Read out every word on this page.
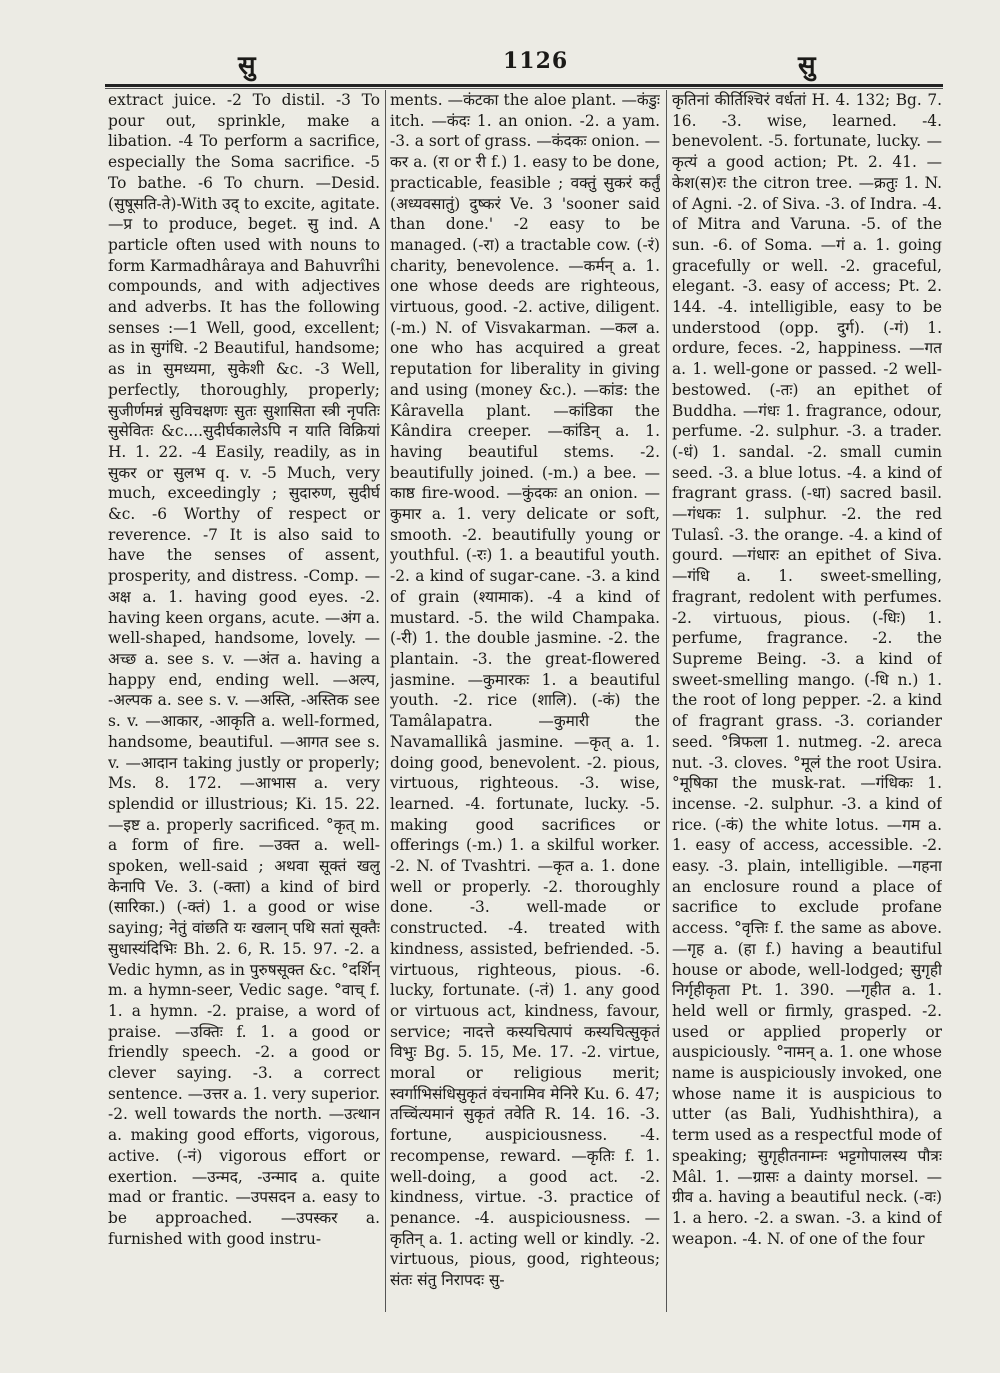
सु	1126	सु

extract juice. -2 To distil. -3 To pour out, sprinkle, make a libation. -4 To perform a sacrifice, especially the Soma sacrifice. -5 To bathe. -6 To churn. —Desid. (सुषूसति-ते)-With उद् to excite, agitate. —प्र to produce, beget. सु ind. A particle often used with nouns to form Karmadhâraya and Bahuvrîhi compounds, and with adjectives and adverbs. It has the following senses :—1 Well, good, excellent; as in सुगंधि. -2 Beautiful, handsome; as in सुमध्यमा, सुकेशी &c. -3 Well, perfectly, thoroughly, properly; सुजीर्णमन्नं सुविचक्षणः सुतः सुशासिता स्त्री नृपतिः सुसेवितः &c....सुदीर्घकालेऽपि न याति विक्रियां H. 1. 22. -4 Easily, readily, as in सुकर or सुलभ q. v. -5 Much, very much, exceedingly ; सुदारुण, सुदीर्घ &c. -6 Worthy of respect or reverence. -7 It is also said to have the senses of assent, prosperity, and distress. -Comp. —अक्ष a. 1. having good eyes. -2. having keen organs, acute. —अंग a. well-shaped, handsome, lovely. —अच्छ a. see s. v. —अंत a. having a happy end, ending well. —अल्प, -अल्पक a. see s. v. —अस्ति, -अस्तिक see s. v. —आकार, -आकृति a. well-formed, handsome, beautiful. —आगत see s. v. —आदान taking justly or properly; Ms. 8. 172. —आभास a. very splendid or illustrious; Ki. 15. 22. —इष्ट a. properly sacrificed. °कृत् m. a form of fire. —उक्त a. well-spoken, well-said ; अथवा सूक्तं खलु केनापि Ve. 3. (-क्ता) a kind of bird (सारिका.) (-क्तं) 1. a good or wise saying; नेतुं वांछति यः खलान् पथि सतां सूक्तैः सुधास्यंदिभिः Bh. 2. 6, R. 15. 97. -2. a Vedic hymn, as in पुरुषसूक्त &c. °दर्शिन् m. a hymn-seer, Vedic sage. °वाच् f. 1. a hymn. -2. praise, a word of praise. —उक्तिः f. 1. a good or friendly speech. -2. a good or clever saying. -3. a correct sentence. —उत्तर a. 1. very superior. -2. well towards the north. —उत्थान a. making good efforts, vigorous, active. (-नं) vigorous effort or exertion. —उन्मद, -उन्माद a. quite mad or frantic. —उपसदन a. easy to be approached. —उपस्कर a. furnished with good instru-

ments. —कंटका the aloe plant. —कंडुः itch. —कंदः 1. an onion. -2. a yam. -3. a sort of grass. —कंदकः onion. —कर a. (रा or री f.) 1. easy to be done, practicable, feasible ; वक्तुं सुकरं कर्तुं (अध्यवसातुं) दुष्करं Ve. 3 'sooner said than done.' -2 easy to be managed. (-रा) a tractable cow. (-रं) charity, benevolence. —कर्मन् a. 1. one whose deeds are righteous, virtuous, good. -2. active, diligent. (-m.) N. of Visvakarman. —कल a. one who has acquired a great reputation for liberality in giving and using (money &c.). —कांड: the Kâravella plant. —कांडिका the Kândira creeper. —कांडिन् a. 1. having beautiful stems. -2. beautifully joined. (-m.) a bee. —काष्ठ fire-wood. —कुंदकः an onion. —कुमार a. 1. very delicate or soft, smooth. -2. beautifully young or youthful. (-रः) 1. a beautiful youth. -2. a kind of sugar-cane. -3. a kind of grain (श्यामाक). -4 a kind of mustard. -5. the wild Champaka. (-री) 1. the double jasmine. -2. the plantain. -3. the great-flowered jasmine. —कुमारकः 1. a beautiful youth. -2. rice (शालि). (-कं) the Tamâlapatra. —कुमारी the Navamallikâ jasmine. —कृत् a. 1. doing good, benevolent. -2. pious, virtuous, righteous. -3. wise, learned. -4. fortunate, lucky. -5. making good sacrifices or offerings (-m.) 1. a skilful worker. -2. N. of Tvashtri. —कृत a. 1. done well or properly. -2. thoroughly done. -3. well-made or constructed. -4. treated with kindness, assisted, befriended. -5. virtuous, righteous, pious. -6. lucky, fortunate. (-तं) 1. any good or virtuous act, kindness, favour, service; नादत्ते कस्यचित्पापं कस्यचित्सुकृतं विभुः Bg. 5. 15, Me. 17. -2. virtue, moral or religious merit; स्वर्गाभिसंधिसुकृतं वंचनामिव मेनिरे Ku. 6. 47; तच्चिंत्यमानं सुकृतं तवेति R. 14. 16. -3. fortune, auspiciousness. -4. recompense, reward. —कृतिः f. 1. well-doing, a good act. -2. kindness, virtue. -3. practice of penance. -4. auspiciousness. —कृतिन् a. 1. acting well or kindly. -2. virtuous, pious, good, righteous; संतः संतु निरापदः सु-

कृतिनां कीर्तिश्चिरं वर्धतां H. 4. 132; Bg. 7. 16. -3. wise, learned. -4. benevolent. -5. fortunate, lucky. —कृत्यं a good action; Pt. 2. 41. —केश(स)रः the citron tree. —क्रतुः 1. N. of Agni. -2. of Siva. -3. of Indra. -4. of Mitra and Varuna. -5. of the sun. -6. of Soma. —गं a. 1. going gracefully or well. -2. graceful, elegant. -3. easy of access; Pt. 2. 144. -4. intelligible, easy to be understood (opp. दुर्ग). (-गं) 1. ordure, feces. -2, happiness. —गत a. 1. well-gone or passed. -2 well-bestowed. (-तः) an epithet of Buddha. —गंधः 1. fragrance, odour, perfume. -2. sulphur. -3. a trader. (-धं) 1. sandal. -2. small cumin seed. -3. a blue lotus. -4. a kind of fragrant grass. (-धा) sacred basil. —गंधकः 1. sulphur. -2. the red Tulasî. -3. the orange. -4. a kind of gourd. —गंधारः an epithet of Siva. —गंधि a. 1. sweet-smelling, fragrant, redolent with perfumes. -2. virtuous, pious. (-धिः) 1. perfume, fragrance. -2. the Supreme Being. -3. a kind of sweet-smelling mango. (-धि n.) 1. the root of long pepper. -2. a kind of fragrant grass. -3. coriander seed. °त्रिफला 1. nutmeg. -2. areca nut. -3. cloves. °मूलं the root Usira. °मूषिका the musk-rat. —गंधिकः 1. incense. -2. sulphur. -3. a kind of rice. (-कं) the white lotus. —गम a. 1. easy of access, accessible. -2. easy. -3. plain, intelligible. —गहना an enclosure round a place of sacrifice to exclude profane access. °वृत्तिः f. the same as above. —गृह a. (हा f.) having a beautiful house or abode, well-lodged; सुगृही निर्गृहीकृता Pt. 1. 390. —गृहीत a. 1. held well or firmly, grasped. -2. used or applied properly or auspiciously. °नामन् a. 1. one whose name is auspiciously invoked, one whose name it is auspicious to utter (as Bali, Yudhishthira), a term used as a respectful mode of speaking; सुगृहीतनाम्नः भट्टगोपालस्य पौत्रः Mâl. 1. —ग्रासः a dainty morsel. —ग्रीव a. having a beautiful neck. (-वः) 1. a hero. -2. a swan. -3. a kind of weapon. -4. N. of one of the four
